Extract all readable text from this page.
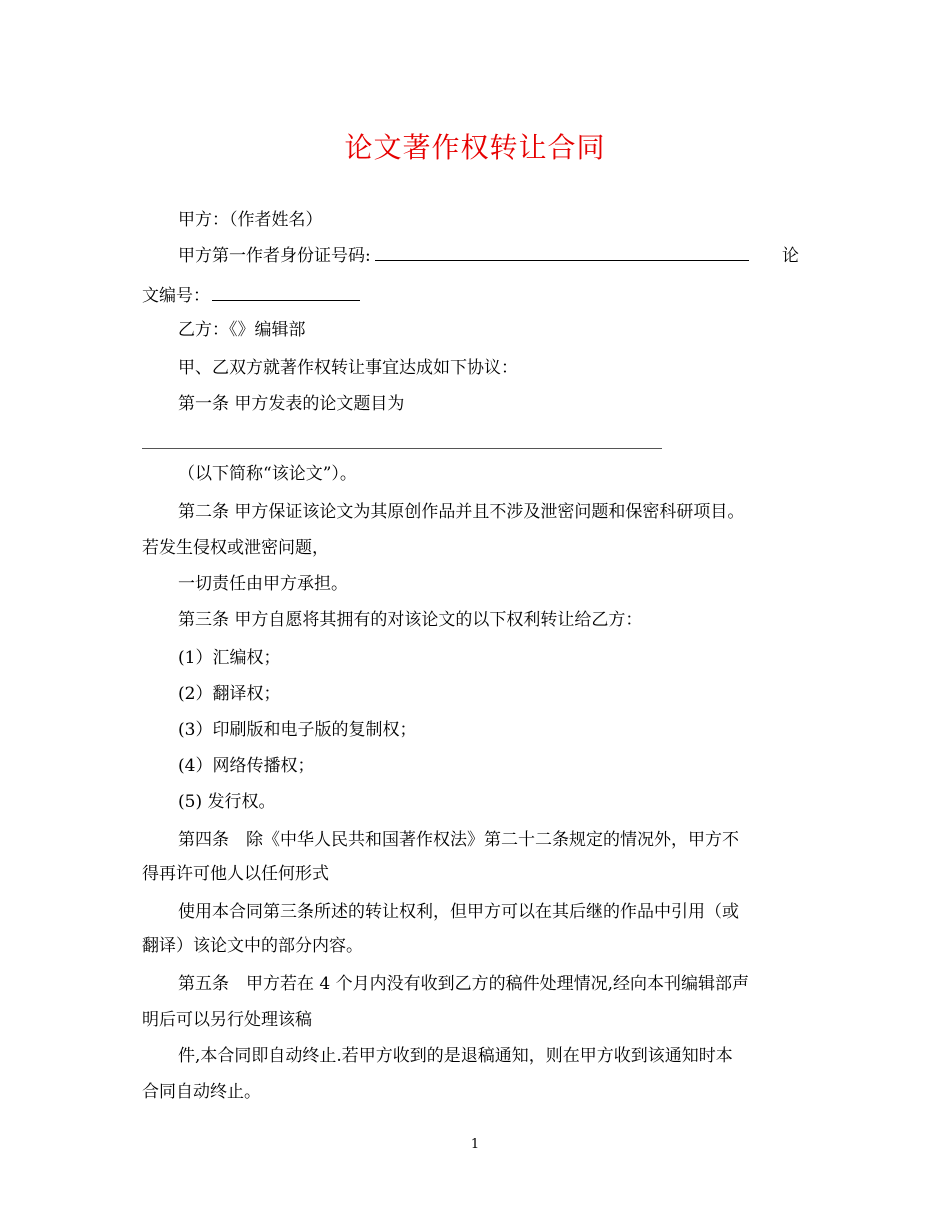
论文著作权转让合同
甲方：（作者姓名）
甲方第一作者身份证号码:	论
文编号：
乙方：《》编辑部
甲、乙双方就著作权转让事宜达成如下协议：
第一条 甲方发表的论文题目为
（以下简称“该论文”）。
第二条 甲方保证该论文为其原创作品并且不涉及泄密问题和保密科研项目。
若发生侵权或泄密问题，
一切责任由甲方承担。
第三条 甲方自愿将其拥有的对该论文的以下权利转让给乙方：
(1）汇编权；
(2）翻译权；
(3）印刷版和电子版的复制权；
(4）网络传播权；
(5) 发行权。
第四条　除《中华人民共和国著作权法》第二十二条规定的情况外，甲方不
得再许可他人以任何形式
使用本合同第三条所述的转让权利，但甲方可以在其后继的作品中引用（或
翻译）该论文中的部分内容。
第五条　甲方若在 4 个月内没有收到乙方的稿件处理情况,经向本刊编辑部声
明后可以另行处理该稿
件,本合同即自动终止.若甲方收到的是退稿通知，则在甲方收到该通知时本
合同自动终止。
1
